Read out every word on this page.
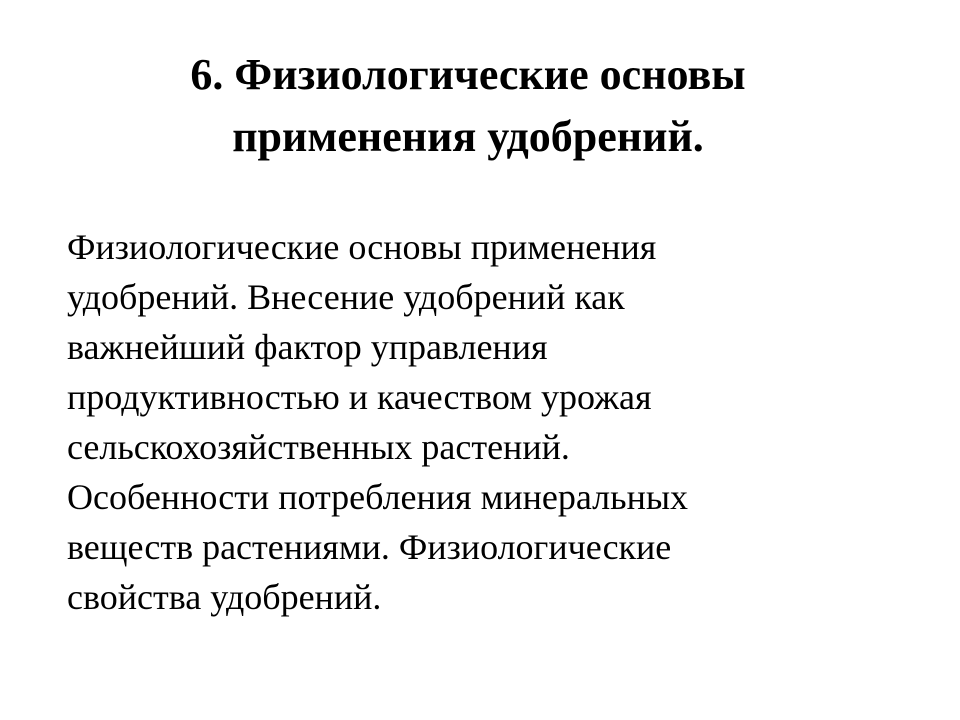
6. Физиологические основы
применения удобрений.
Физиологические основы применения
удобрений. Внесение удобрений как
важнейший фактор управления
продуктивностью и качеством урожая
сельскохозяйственных растений.
Особенности потребления минеральных
веществ растениями. Физиологические
свойства удобрений.
